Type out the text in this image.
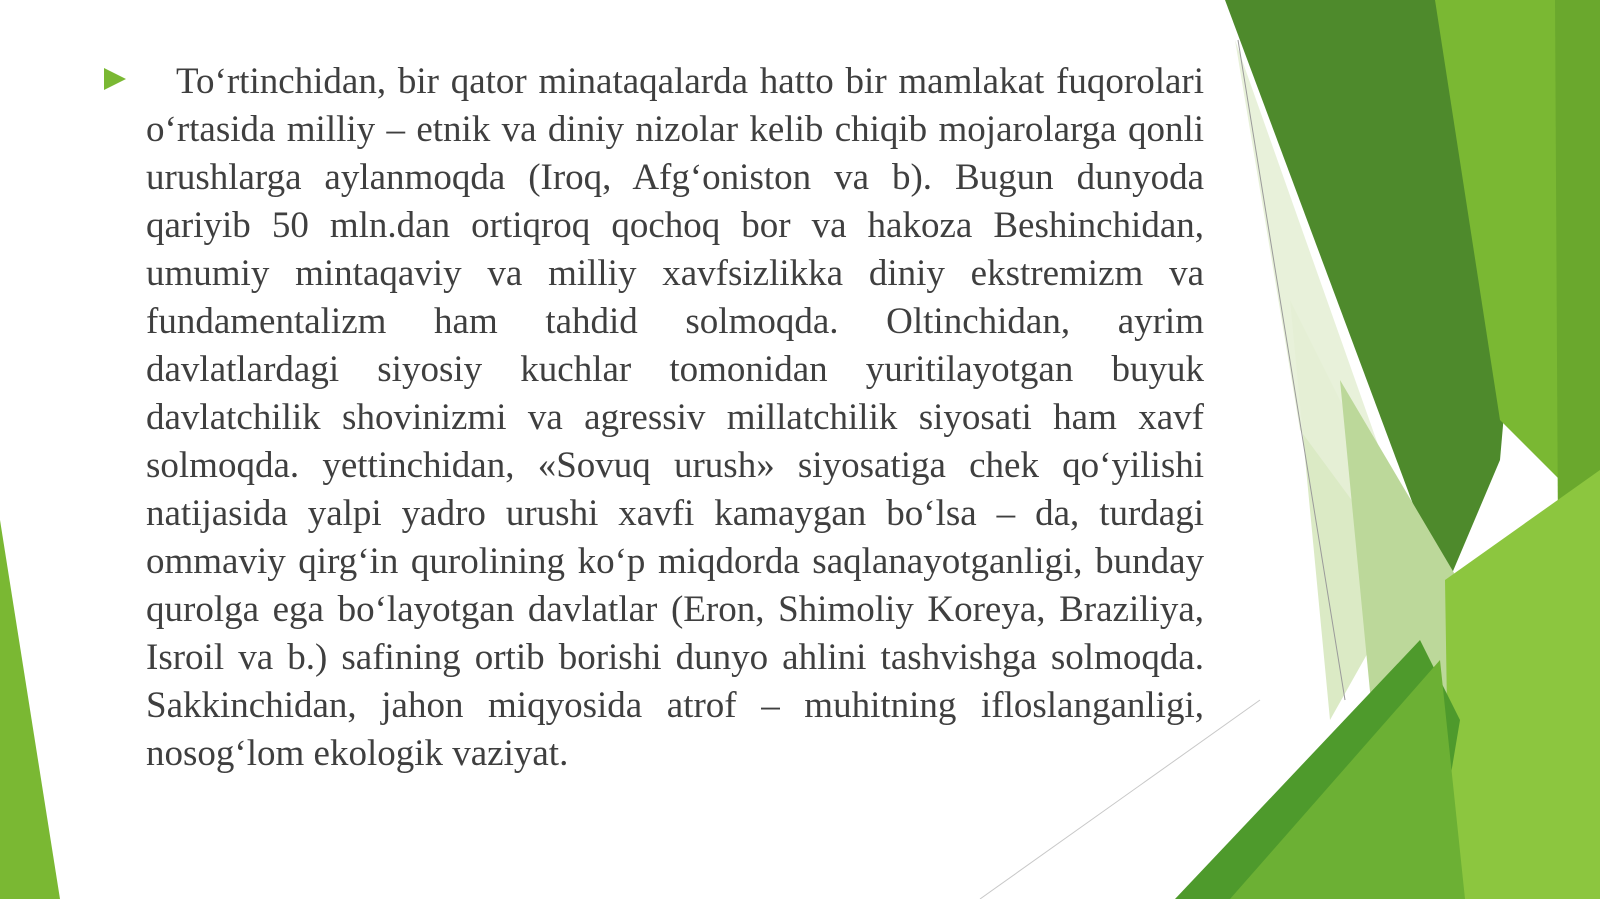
To‘rtinchidan, bir qator minataqalarda hatto bir mamlakat fuqorolari o‘rtasida milliy – etnik va diniy nizolar kelib chiqib mojarolarga qonli urushlarga aylanmoqda (Iroq, Afg‘oniston va b). Bugun dunyoda qariyib 50 mln.dan ortiqroq qochoq bor va hakoza Beshinchidan, umumiy mintaqaviy va milliy xavfsizlikka diniy ekstremizm va fundamentalizm ham tahdid solmoqda. Oltinchidan, ayrim davlatlardagi siyosiy kuchlar tomonidan yuritilayotgan buyuk davlatchilik shovinizmi va agressiv millatchilik siyosati ham xavf solmoqda. yettinchidan, «Sovuq urush» siyosatiga chek qo‘yilishi natijasida yalpi yadro urushi xavfi kamaygan bo‘lsa – da, turdagi ommaviy qirg‘in qurolining ko‘p miqdorda saqlanayotganligi, bunday qurolga ega bo‘layotgan davlatlar (Eron, Shimoliy Koreya, Braziliya, Isroil va b.) safining ortib borishi dunyo ahlini tashvishga solmoqda. Sakkinchidan, jahon miqyosida atrof – muhitning ifloslanganligi, nosog‘lom ekologik vaziyat.
